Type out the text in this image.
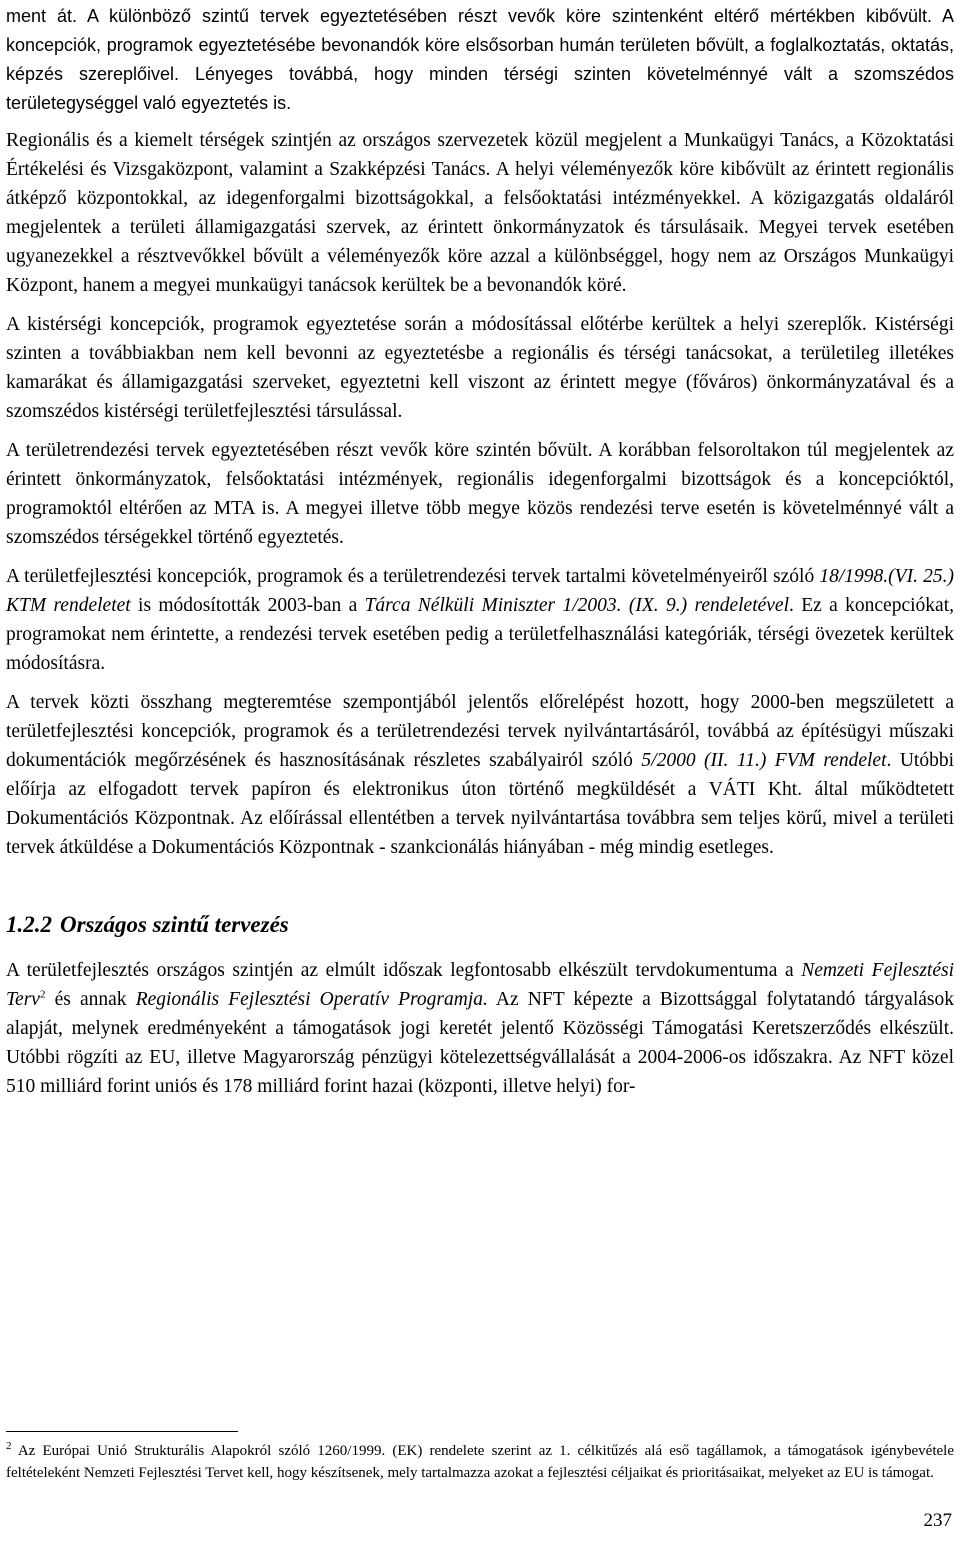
ment át. A különböző szintű tervek egyeztetésében részt vevők köre szintenként eltérő mértékben kibővült. A koncepciók, programok egyeztetésébe bevonandók köre elsősorban humán területen bővült, a foglalkoztatás, oktatás, képzés szereplőivel. Lényeges továbbá, hogy minden térségi szinten követelménnyé vált a szomszédos területegységgel való egyeztetés is.

Regionális és a kiemelt térségek szintjén az országos szervezetek közül megjelent a Munkaügyi Tanács, a Közoktatási Értékelési és Vizsgaközpont, valamint a Szakképzési Tanács. A helyi véleményezők köre kibővült az érintett regionális átképző központokkal, az idegenforgalmi bizottságokkal, a felsőoktatási intézményekkel. A közigazgatás oldaláról megjelentek a területi államigazgatási szervek, az érintett önkormányzatok és társulásaik. Megyei tervek esetében ugyanezekkel a résztvevőkkel bővült a véleményezők köre azzal a különbséggel, hogy nem az Országos Munkaügyi Központ, hanem a megyei munkaügyi tanácsok kerültek be a bevonandók köré.

A kistérségi koncepciók, programok egyeztetése során a módosítással előtérbe kerültek a helyi szereplők. Kistérségi szinten a továbbiakban nem kell bevonni az egyeztetésbe a regionális és térségi tanácsokat, a területileg illetékes kamarákat és államigazgatási szerveket, egyeztetni kell viszont az érintett megye (főváros) önkormányzatával és a szomszédos kistérségi területfejlesztési társulással.

A területrendezési tervek egyeztetésében részt vevők köre szintén bővült. A korábban felsoroltakon túl megjelentek az érintett önkormányzatok, felsőoktatási intézmények, regionális idegenforgalmi bizottságok és a koncepcióktól, programoktól eltérően az MTA is. A megyei illetve több megye közös rendezési terve esetén is követelménnyé vált a szomszédos térségekkel történő egyeztetés.

A területfejlesztési koncepciók, programok és a területrendezési tervek tartalmi követelményeiről szóló 18/1998.(VI. 25.) KTM rendeletet is módosították 2003-ban a Tárca Nélküli Miniszter 1/2003. (IX. 9.) rendeletével. Ez a koncepciókat, programokat nem érintette, a rendezési tervek esetében pedig a területfelhasználási kategóriák, térségi övezetek kerültek módosításra.

A tervek közti összhang megteremtése szempontjából jelentős előrelépést hozott, hogy 2000-ben megszületett a területfejlesztési koncepciók, programok és a területrendezési tervek nyilvántartásáról, továbbá az építésügyi műszaki dokumentációk megőrzésének és hasznosításának részletes szabályairól szóló 5/2000 (II. 11.) FVM rendelet. Utóbbi előírja az elfogadott tervek papíron és elektronikus úton történő megküldését a VÁTI Kht. által működtetett Dokumentációs Központnak. Az előírással ellentétben a tervek nyilvántartása továbbra sem teljes körű, mivel a területi tervek átküldése a Dokumentációs Központnak - szankcionálás hiányában - még mindig esetleges.

1.2.2 Országos szintű tervezés

A területfejlesztés országos szintjén az elmúlt időszak legfontosabb elkészült tervdokumentuma a Nemzeti Fejlesztési Terv$^2$ és annak Regionális Fejlesztési Operatív Programja. Az NFT képezte a Bizottsággal folytatandó tárgyalások alapját, melynek eredményeként a támogatások jogi keretét jelentő Közösségi Támogatási Keretszerződés elkészült. Utóbbi rögzíti az EU, illetve Magyarország pénzügyi kötelezettségvállalását a 2004-2006-os időszakra. Az NFT közel 510 milliárd forint uniós és 178 milliárd forint hazai (központi, illetve helyi) for-

$^2$ Az Európai Unió Strukturális Alapokról szóló 1260/1999. (EK) rendelete szerint az 1. célkitűzés alá eső tagállamok, a támogatások igénybevétele feltételeként Nemzeti Fejlesztési Tervet kell, hogy készítsenek, mely tartalmazza azokat a fejlesztési céljaikat és prioritásaikat, melyeket az EU is támogat.
237
